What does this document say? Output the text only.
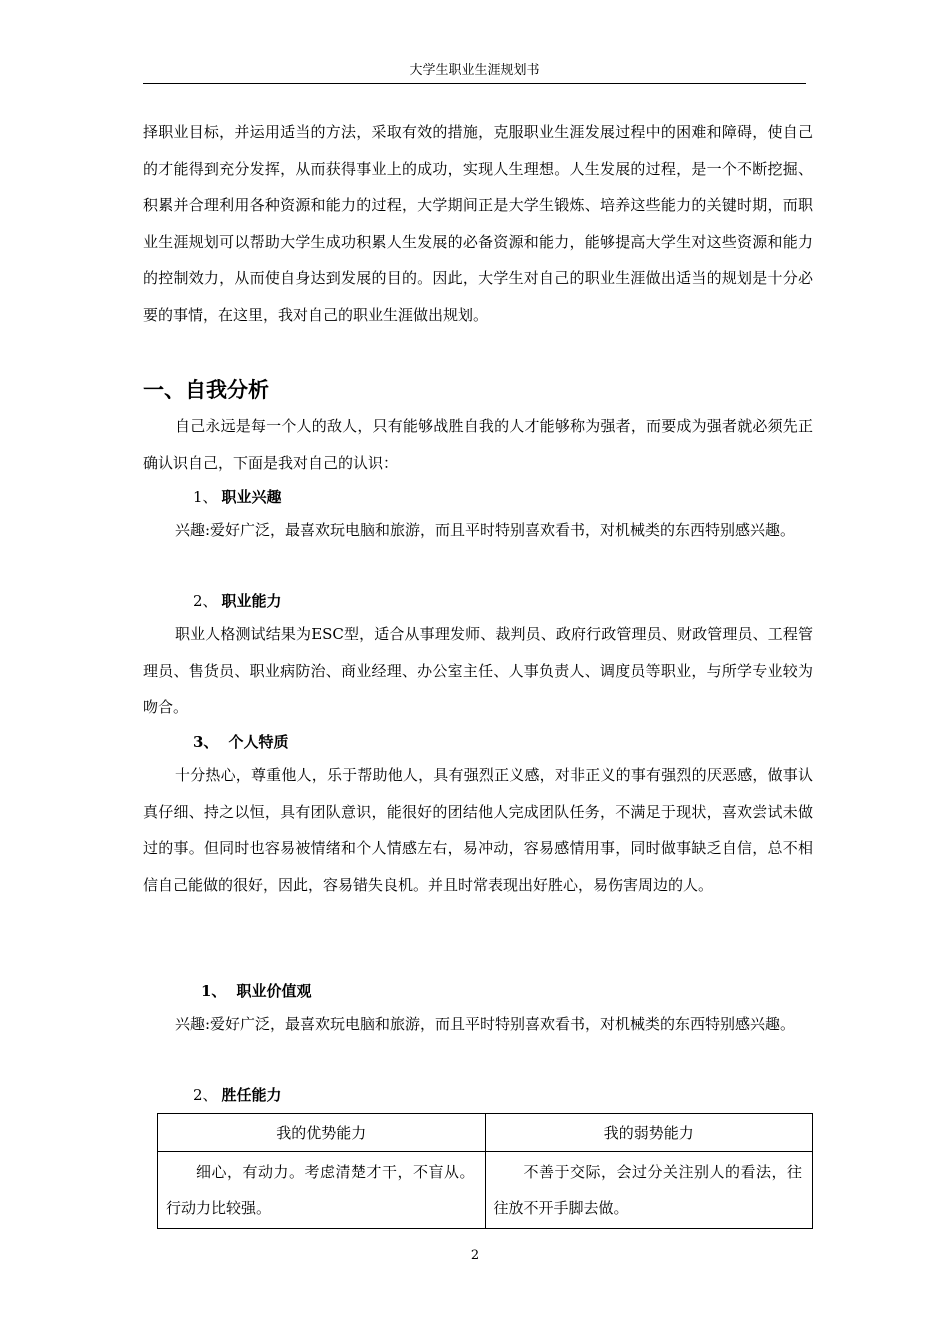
大学生职业生涯规划书

择职业目标，并运用适当的方法，采取有效的措施，克服职业生涯发展过程中的困难和障碍，使自己的才能得到充分发挥，从而获得事业上的成功，实现人生理想。人生发展的过程，是一个不断挖掘、积累并合理利用各种资源和能力的过程，大学期间正是大学生锻炼、培养这些能力的关键时期，而职业生涯规划可以帮助大学生成功积累人生发展的必备资源和能力，能够提高大学生对这些资源和能力的控制效力，从而使自身达到发展的目的。因此，大学生对自己的职业生涯做出适当的规划是十分必要的事情，在这里，我对自己的职业生涯做出规划。

一、自我分析

自己永远是每一个人的敌人，只有能够战胜自我的人才能够称为强者，而要成为强者就必须先正确认识自己，下面是我对自己的认识：

1、 职业兴趣

兴趣:爱好广泛，最喜欢玩电脑和旅游，而且平时特别喜欢看书，对机械类的东西特别感兴趣。

2、 职业能力

职业人格测试结果为ESC型，适合从事理发师、裁判员、政府行政管理员、财政管理员、工程管理员、售货员、职业病防治、商业经理、办公室主任、人事负责人、调度员等职业，与所学专业较为吻合。

3、 个人特质

十分热心，尊重他人，乐于帮助他人，具有强烈正义感，对非正义的事有强烈的厌恶感，做事认真仔细、持之以恒，具有团队意识，能很好的团结他人完成团队任务，不满足于现状，喜欢尝试未做过的事。但同时也容易被情绪和个人情感左右，易冲动，容易感情用事，同时做事缺乏自信，总不相信自己能做的很好，因此，容易错失良机。并且时常表现出好胜心，易伤害周边的人。

1、 职业价值观

兴趣:爱好广泛，最喜欢玩电脑和旅游，而且平时特别喜欢看书，对机械类的东西特别感兴趣。

2、 胜任能力
我的优势能力	我的弱势能力
细心，有动力。考虑清楚才干，不盲从。行动力比较强。	不善于交际，会过分关注别人的看法，往往放不开手脚去做。
2
